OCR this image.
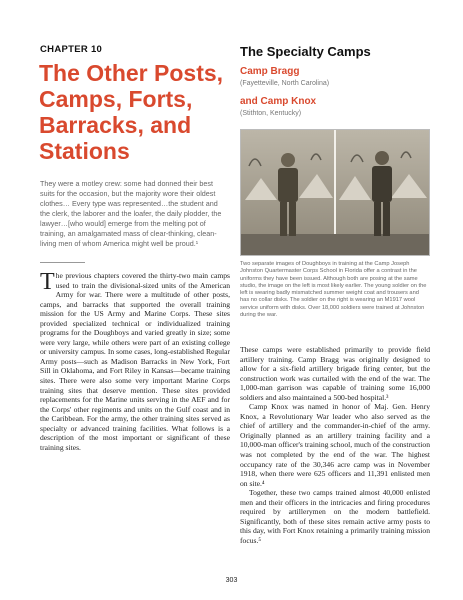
CHAPTER 10
The Other Posts, Camps, Forts, Barracks, and Stations

They were a motley crew: some had donned their best suits for the occasion, but the majority wore their oldest clothes… Every type was represented…the student and the clerk, the laborer and the loafer, the daily plodder, the lawyer…[who would] emerge from the melting pot of training, an amalgamated mass of clear-thinking, clean-living men of whom America might well be proud.¹

The previous chapters covered the thirty-two main camps used to train the divisional-sized units of the American Army for war. There were a multitude of other posts, camps, and barracks that supported the overall training mission for the US Army and Marine Corps. These sites provided specialized technical or individualized training programs for the Doughboys and varied greatly in size; some were very large, while others were part of an existing college or university campus. In some cases, long-established Regular Army posts—such as Madison Barracks in New York, Fort Sill in Oklahoma, and Fort Riley in Kansas—became training sites. There were also some very important Marine Corps training sites that deserve mention. These sites provided replacements for the Marine units serving in the AEF and for the Corps' other regiments and units on the Gulf coast and in the Caribbean. For the army, the other training sites served as specialty or advanced training facilities. What follows is a description of the most important or significant of these training sites.

The Specialty Camps
Camp Bragg
(Fayetteville, North Carolina)
and Camp Knox
(Stithton, Kentucky)

Two separate images of Doughboys in training at the Camp Joseph Johnston Quartermaster Corps School in Florida offer a contrast in the uniforms they have been issued. Although both are posing at the same studio, the image on the left is most likely earlier. The young soldier on the left is wearing badly mismatched summer weight coat and trousers and has no collar disks. The soldier on the right is wearing an M1917 wool service uniform with disks. Over 18,000 soldiers were trained at Johnston during the war.

These camps were established primarily to provide field artillery training. Camp Bragg was originally designed to allow for a six-field artillery brigade firing center, but the construction work was curtailed with the end of the war. The 1,000-man garrison was capable of training some 16,000 soldiers and also maintained a 500-bed hospital.³

Camp Knox was named in honor of Maj. Gen. Henry Knox, a Revolutionary War leader who also served as the chief of artillery and the commander-in-chief of the army. Originally planned as an artillery training facility and a 10,000-man officer's training school, much of the construction was not completed by the end of the war. The highest occupancy rate of the 30,346 acre camp was in November 1918, when there were 625 officers and 11,391 enlisted men on site.⁴

Together, these two camps trained almost 40,000 enlisted men and their officers in the intricacies and firing procedures required by artillerymen on the modern battlefield. Significantly, both of these sites remain active army posts to this day, with Fort Knox retaining a primarily training mission focus.⁵

303
